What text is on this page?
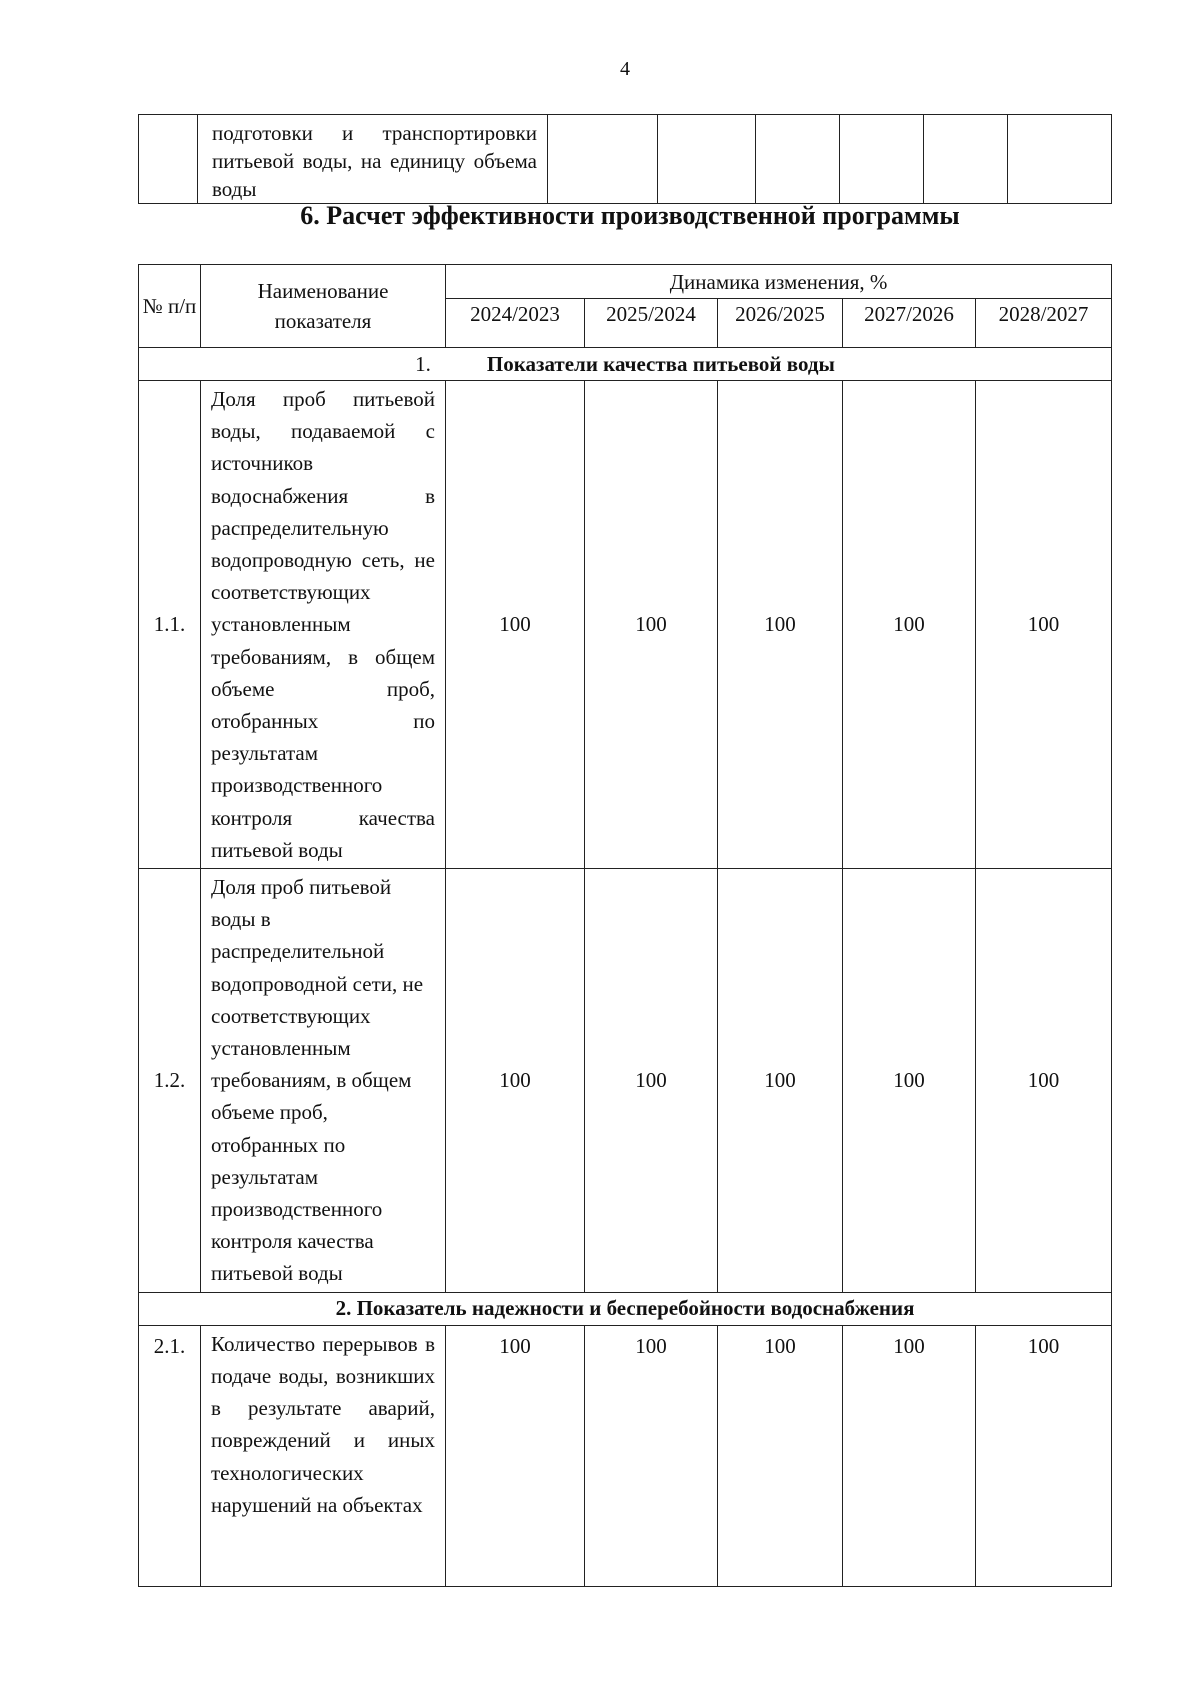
4
	подготовки и транспортировки питьевой воды, на единицу объема воды						
6. Расчет эффективности производственной программы
№ п/п	Наименование показателя	Динамика изменения, %				
		2024/2023	2025/2024	2026/2025	2027/2026	2028/2027
1. Показатели качества питьевой воды						
1.1.	Доля проб питьевой воды, подаваемой с источников водоснабжения в распределительную водопроводную сеть, не соответствующих установленным требованиям, в общем объеме проб, отобранных по результатам производственного контроля качества питьевой воды	100	100	100	100	100
1.2.	Доля проб питьевой воды в распределительной водопроводной сети, не соответствующих установленным требованиям, в общем объеме проб, отобранных по результатам производственного контроля качества питьевой воды	100	100	100	100	100
2. Показатель надежности и бесперебойности водоснабжения						
2.1.	Количество перерывов в подаче воды, возникших в результате аварий, повреждений и иных технологических нарушений на объектах	100	100	100	100	100
